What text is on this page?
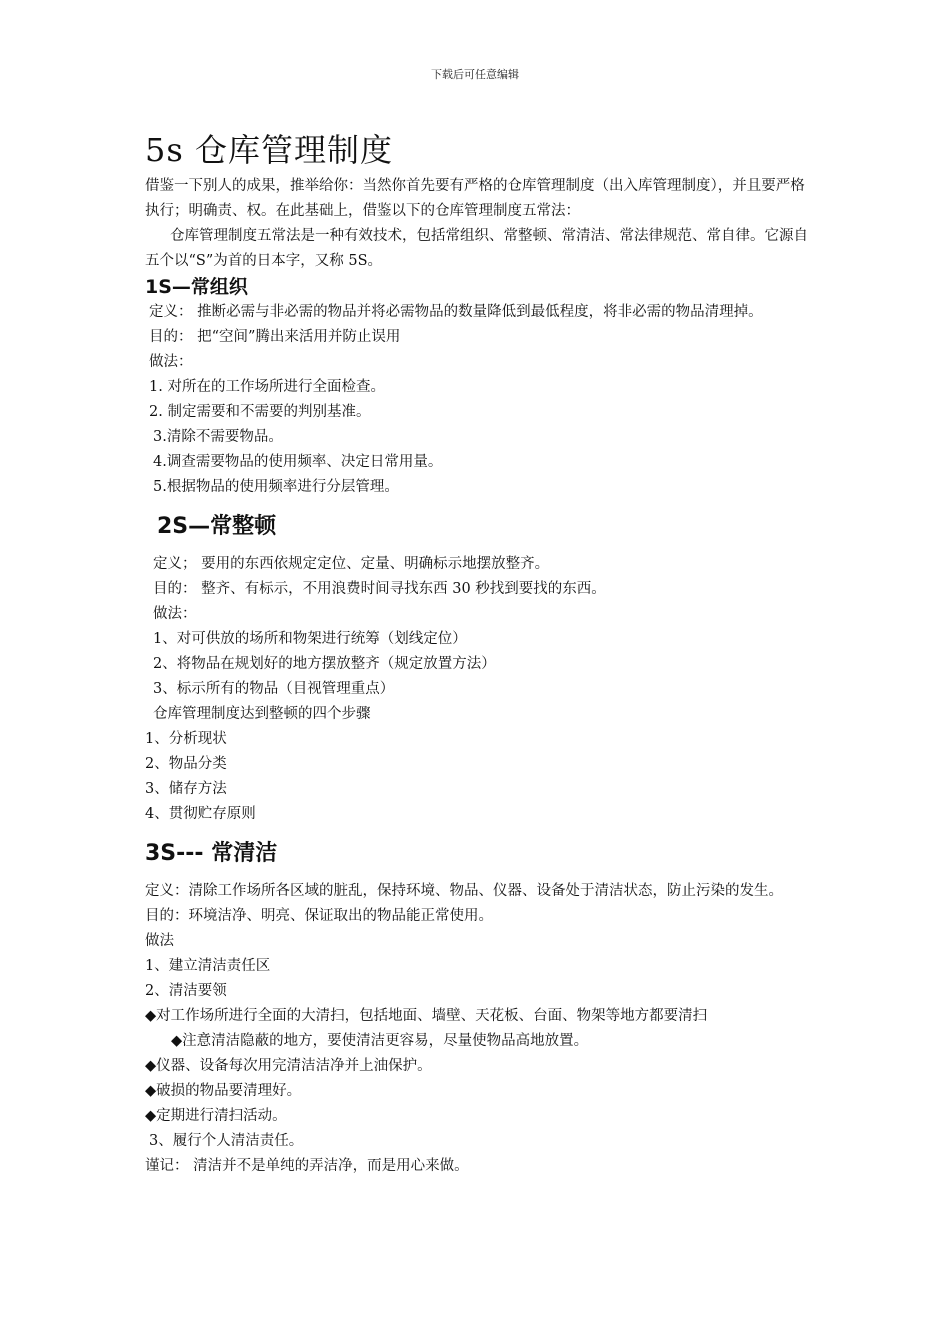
下载后可任意编辑
5s 仓库管理制度

借鉴一下别人的成果，推举给你：当然你首先要有严格的仓库管理制度（出入库管理制度），并且要严格执行；明确责、权。在此基础上，借鉴以下的仓库管理制度五常法：

仓库管理制度五常法是一种有效技术，包括常组织、常整顿、常清洁、常法律规范、常自律。它源自五个以“S”为首的日本字，又称 5S。

1S—常组织

定义： 推断必需与非必需的物品并将必需物品的数量降低到最低程度，将非必需的物品清理掉。

目的： 把“空间”腾出来活用并防止误用

做法：

1. 对所在的工作场所进行全面检查。

2. 制定需要和不需要的判别基准。

3.清除不需要物品。

4.调查需要物品的使用频率、决定日常用量。

5.根据物品的使用频率进行分层管理。

2S—常整顿

定义； 要用的东西依规定定位、定量、明确标示地摆放整齐。

目的： 整齐、有标示，不用浪费时间寻找东西 30 秒找到要找的东西。

做法：

1、对可供放的场所和物架进行统筹（划线定位）

2、将物品在规划好的地方摆放整齐（规定放置方法）

3、标示所有的物品（目视管理重点）

仓库管理制度达到整顿的四个步骤

1、分析现状

2、物品分类

3、储存方法

4、贯彻贮存原则

3S--- 常清洁

定义：清除工作场所各区域的脏乱，保持环境、物品、仪器、设备处于清洁状态，防止污染的发生。

目的：环境洁净、明亮、保证取出的物品能正常使用。

做法

1、建立清洁责任区

2、清洁要领

◆对工作场所进行全面的大清扫，包括地面、墙壁、天花板、台面、物架等地方都要清扫

◆注意清洁隐蔽的地方，要使清洁更容易，尽量使物品高地放置。

◆仪器、设备每次用完清洁洁净并上油保护。

◆破损的物品要清理好。

◆定期进行清扫活动。

3、履行个人清洁责任。

谨记： 清洁并不是单纯的弄洁净，而是用心来做。
